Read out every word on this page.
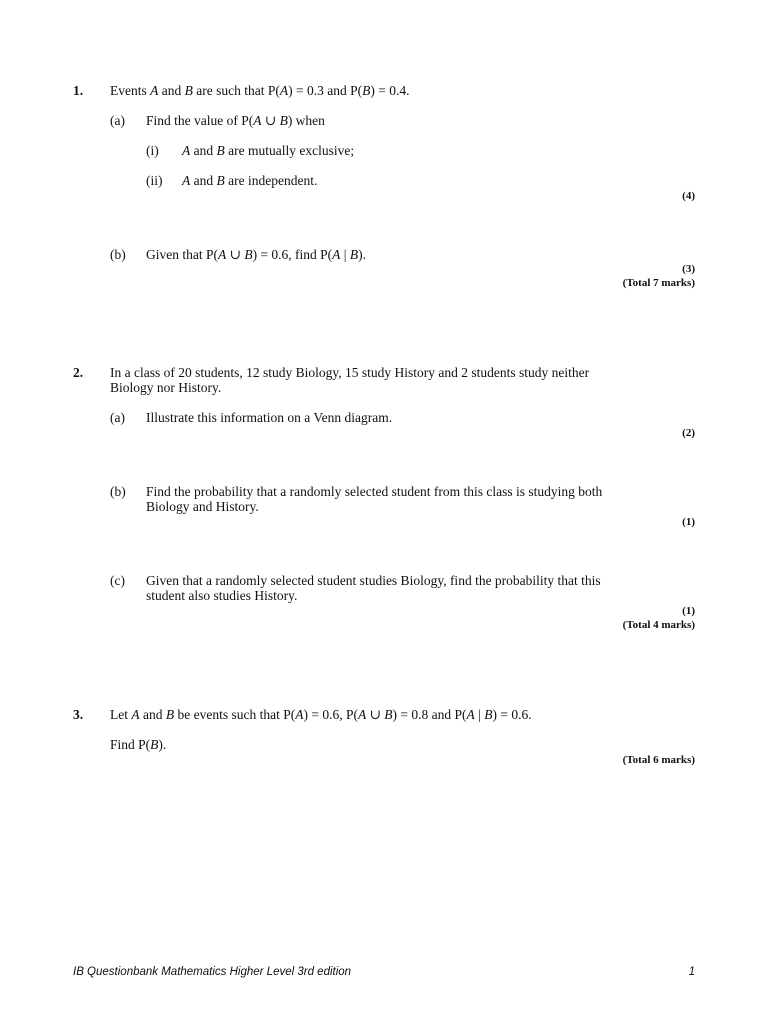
1. Events A and B are such that P(A) = 0.3 and P(B) = 0.4.
(a) Find the value of P(A ∪ B) when
(i) A and B are mutually exclusive;
(ii) A and B are independent.
(4)
(b) Given that P(A ∪ B) = 0.6, find P(A | B).
(3)
(Total 7 marks)
2. In a class of 20 students, 12 study Biology, 15 study History and 2 students study neither
Biology nor History.
(a) Illustrate this information on a Venn diagram.
(2)
(b) Find the probability that a randomly selected student from this class is studying both
Biology and History.
(1)
(c) Given that a randomly selected student studies Biology, find the probability that this
student also studies History.
(1)
(Total 4 marks)
3. Let A and B be events such that P(A) = 0.6, P(A ∪ B) = 0.8 and P(A | B) = 0.6.
Find P(B).
(Total 6 marks)
IB Questionbank Mathematics Higher Level 3rd edition	1
